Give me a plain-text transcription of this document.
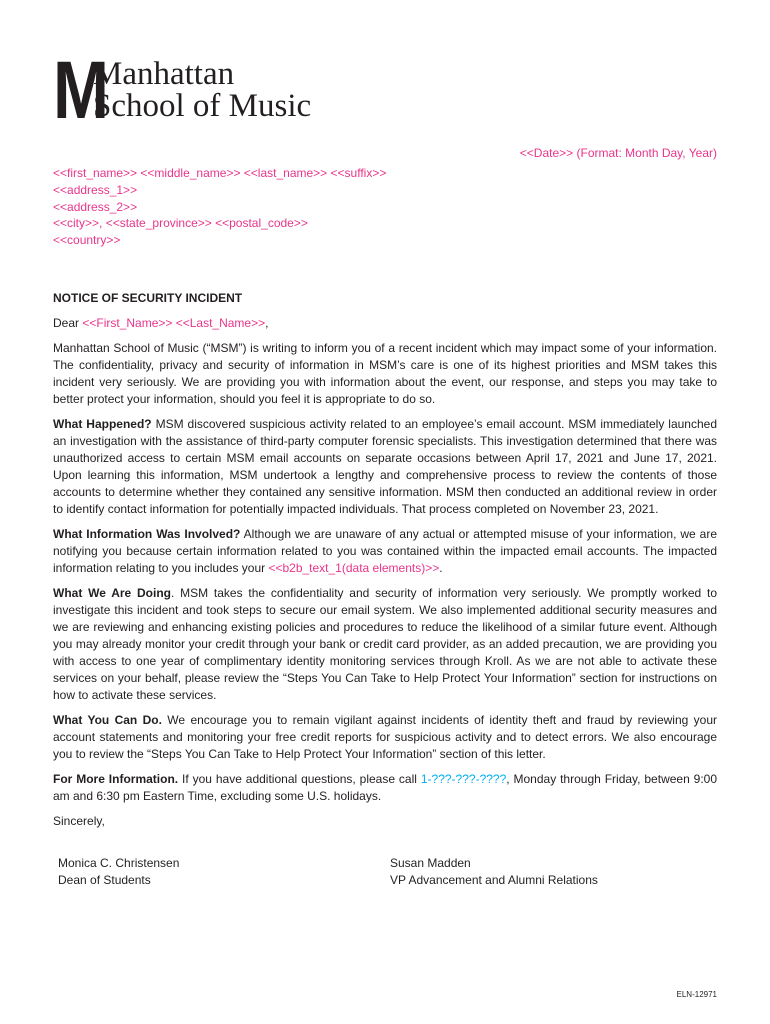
M
Manhattan
School of Music
<<Date>> (Format: Month Day, Year)
<<first_name>> <<middle_name>> <<last_name>> <<suffix>>
<<address_1>>
<<address_2>>
<<city>>, <<state_province>> <<postal_code>>
<<country>>
NOTICE OF SECURITY INCIDENT
Dear <<First_Name>> <<Last_Name>>,

Manhattan School of Music (“MSM”) is writing to inform you of a recent incident which may impact some of your information. The confidentiality, privacy and security of information in MSM’s care is one of its highest priorities and MSM takes this incident very seriously. We are providing you with information about the event, our response, and steps you may take to better protect your information, should you feel it is appropriate to do so.

What Happened? MSM discovered suspicious activity related to an employee’s email account. MSM immediately launched an investigation with the assistance of third-party computer forensic specialists. This investigation determined that there was unauthorized access to certain MSM email accounts on separate occasions between April 17, 2021 and June 17, 2021. Upon learning this information, MSM undertook a lengthy and comprehensive process to review the contents of those accounts to determine whether they contained any sensitive information. MSM then conducted an additional review in order to identify contact information for potentially impacted individuals. That process completed on November 23, 2021.

What Information Was Involved? Although we are unaware of any actual or attempted misuse of your information, we are notifying you because certain information related to you was contained within the impacted email accounts. The impacted information relating to you includes your <<b2b_text_1(data elements)>>.

What We Are Doing. MSM takes the confidentiality and security of information very seriously. We promptly worked to investigate this incident and took steps to secure our email system. We also implemented additional security measures and we are reviewing and enhancing existing policies and procedures to reduce the likelihood of a similar future event. Although you may already monitor your credit through your bank or credit card provider, as an added precaution, we are providing you with access to one year of complimentary identity monitoring services through Kroll. As we are not able to activate these services on your behalf, please review the “Steps You Can Take to Help Protect Your Information” section for instructions on how to activate these services.

What You Can Do. We encourage you to remain vigilant against incidents of identity theft and fraud by reviewing your account statements and monitoring your free credit reports for suspicious activity and to detect errors. We also encourage you to review the “Steps You Can Take to Help Protect Your Information” section of this letter.

For More Information. If you have additional questions, please call 1-???-???-????, Monday through Friday, between 9:00 am and 6:30 pm Eastern Time, excluding some U.S. holidays.

Sincerely,
Monica C. Christensen
Dean of Students
Susan Madden
VP Advancement and Alumni Relations
ELN-12971
